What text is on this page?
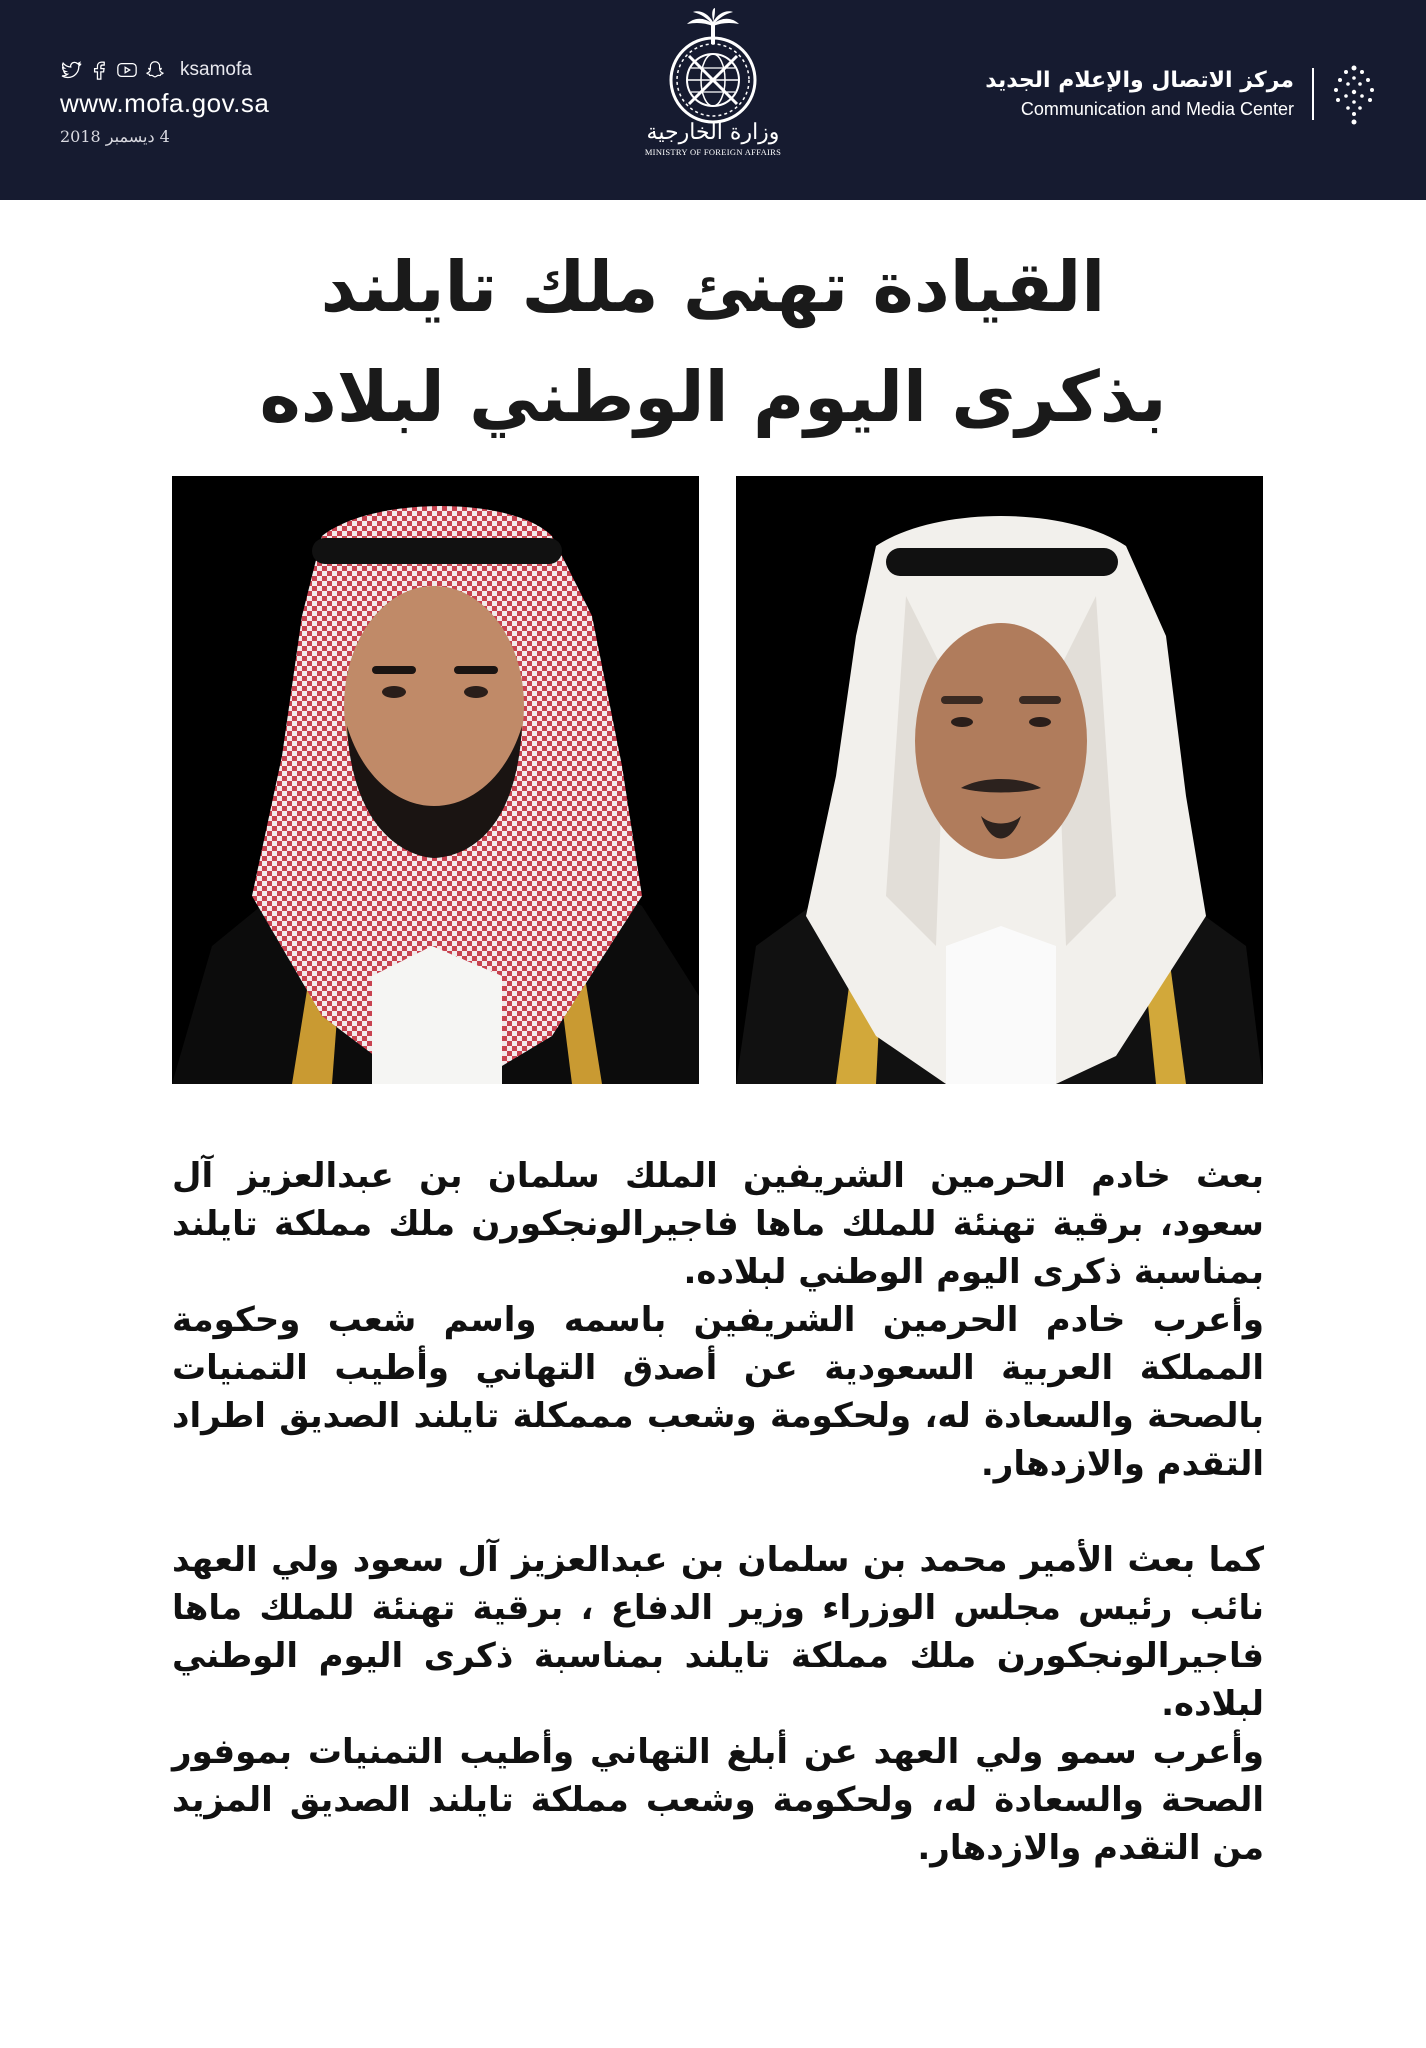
ksamofa
www.mofa.gov.sa
4 ديسمبر 2018	وزارة الخارجية
MINISTRY OF FOREIGN AFFAIRS
مركز الاتصال والإعلام الجديد
Communication and Media Center
القيادة تهنئ ملك تايلند
بذكرى اليوم الوطني لبلاده

بعث خادم الحرمين الشريفين الملك سلمان بن عبدالعزيز آل سعود، برقية تهنئة للملك ماها فاجيرالونجكورن ملك مملكة تايلند بمناسبة ذكرى اليوم الوطني لبلاده.

وأعرب خادم الحرمين الشريفين باسمه واسم شعب وحكومة المملكة العربية السعودية عن أصدق التهاني وأطيب التمنيات بالصحة والسعادة له، ولحكومة وشعب مممكلة تايلند الصديق اطراد التقدم والازدهار.

كما بعث الأمير محمد بن سلمان بن عبدالعزيز آل سعود ولي العهد نائب رئيس مجلس الوزراء وزير الدفاع ، برقية تهنئة للملك ماها فاجيرالونجكورن ملك مملكة تايلند بمناسبة ذكرى اليوم الوطني لبلاده.

وأعرب سمو ولي العهد عن أبلغ التهاني وأطيب التمنيات بموفور الصحة والسعادة له، ولحكومة وشعب مملكة تايلند الصديق المزيد من التقدم والازدهار.
